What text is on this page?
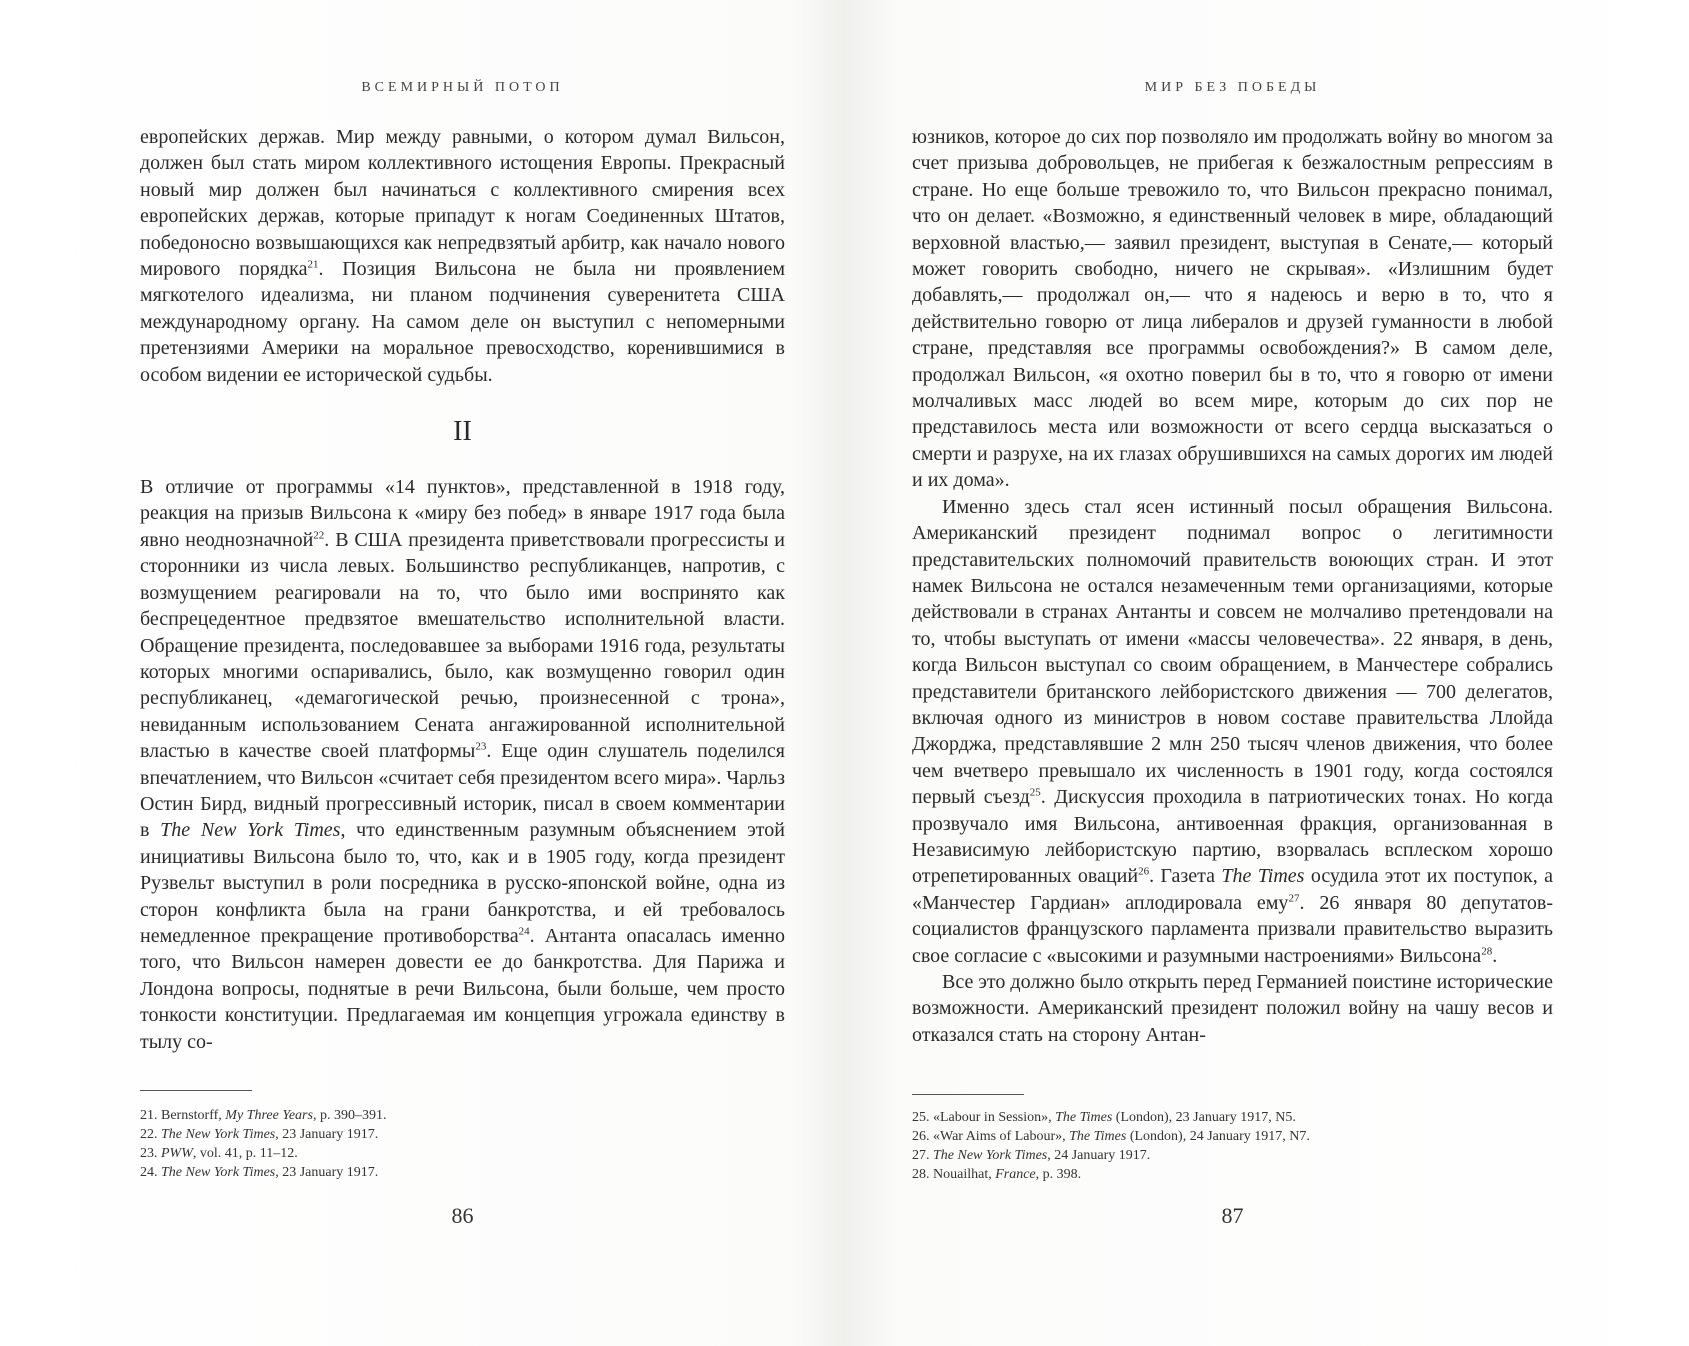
ВСЕМИРНЫЙ ПОТОП

европейских держав. Мир между равными, о котором думал Вильсон, должен был стать миром коллективного истощения Европы. Прекрасный новый мир должен был начинаться с коллективного смирения всех европейских держав, которые припадут к ногам Соединенных Штатов, победоносно возвышающихся как непредвзятый арбитр, как начало нового мирового порядка$^{21}$. Позиция Вильсона не была ни проявлением мягкотелого идеализма, ни планом подчинения суверенитета США международному органу. На самом деле он выступил с непомерными претензиями Америки на моральное превосходство, коренившимися в особом видении ее исторической судьбы.

II

В отличие от программы «14 пунктов», представленной в 1918 году, реакция на призыв Вильсона к «миру без побед» в январе 1917 года была явно неоднозначной$^{22}$. В США президента приветствовали прогрессисты и сторонники из числа левых. Большинство республиканцев, напротив, с возмущением реагировали на то, что было ими воспринято как беспрецедентное предвзятое вмешательство исполнительной власти. Обращение президента, последовавшее за выборами 1916 года, результаты которых многими оспаривались, было, как возмущенно говорил один республиканец, «демагогической речью, произнесенной с трона», невиданным использованием Сената ангажированной исполнительной властью в качестве своей платформы$^{23}$. Еще один слушатель поделился впечатлением, что Вильсон «считает себя президентом всего мира». Чарльз Остин Бирд, видный прогрессивный историк, писал в своем комментарии в The New York Times, что единственным разумным объяснением этой инициативы Вильсона было то, что, как и в 1905 году, когда президент Рузвельт выступил в роли посредника в русско-японской войне, одна из сторон конфликта была на грани банкротства, и ей требовалось немедленное прекращение противоборства$^{24}$. Антанта опасалась именно того, что Вильсон намерен довести ее до банкротства. Для Парижа и Лондона вопросы, поднятые в речи Вильсона, были больше, чем просто тонкости конституции. Предлагаемая им концепция угрожала единству в тылу со-

21. Bernstorff, My Three Years, p. 390–391.

22. The New York Times, 23 January 1917.

23. PWW, vol. 41, p. 11–12.

24. The New York Times, 23 January 1917.

86
МИР БЕЗ ПОБЕДЫ

юзников, которое до сих пор позволяло им продолжать войну во многом за счет призыва добровольцев, не прибегая к безжалостным репрессиям в стране. Но еще больше тревожило то, что Вильсон прекрасно понимал, что он делает. «Возможно, я единственный человек в мире, обладающий верховной властью,— заявил президент, выступая в Сенате,— который может говорить свободно, ничего не скрывая». «Излишним будет добавлять,— продолжал он,— что я надеюсь и верю в то, что я действительно говорю от лица либералов и друзей гуманности в любой стране, представляя все программы освобождения?» В самом деле, продолжал Вильсон, «я охотно поверил бы в то, что я говорю от имени молчаливых масс людей во всем мире, которым до сих пор не представилось места или возможности от всего сердца высказаться о смерти и разрухе, на их глазах обрушившихся на самых дорогих им людей и их дома».

Именно здесь стал ясен истинный посыл обращения Вильсона. Американский президент поднимал вопрос о легитимности представительских полномочий правительств воюющих стран. И этот намек Вильсона не остался незамеченным теми организациями, которые действовали в странах Антанты и совсем не молчаливо претендовали на то, чтобы выступать от имени «массы человечества». 22 января, в день, когда Вильсон выступал со своим обращением, в Манчестере собрались представители британского лейбористского движения — 700 делегатов, включая одного из министров в новом составе правительства Ллойда Джорджа, представлявшие 2 млн 250 тысяч членов движения, что более чем вчетверо превышало их численность в 1901 году, когда состоялся первый съезд$^{25}$. Дискуссия проходила в патриотических тонах. Но когда прозвучало имя Вильсона, антивоенная фракция, организованная в Независимую лейбористскую партию, взорвалась всплеском хорошо отрепетированных оваций$^{26}$. Газета The Times осудила этот их поступок, а «Манчестер Гардиан» аплодировала ему$^{27}$. 26 января 80 депутатов-социалистов французского парламента призвали правительство выразить свое согласие с «высокими и разумными настроениями» Вильсона$^{28}$.

Все это должно было открыть перед Германией поистине исторические возможности. Американский президент положил войну на чашу весов и отказался стать на сторону Антан-

25. «Labour in Session», The Times (London), 23 January 1917, N5.

26. «War Aims of Labour», The Times (London), 24 January 1917, N7.

27. The New York Times, 24 January 1917.

28. Nouailhat, France, p. 398.

87
